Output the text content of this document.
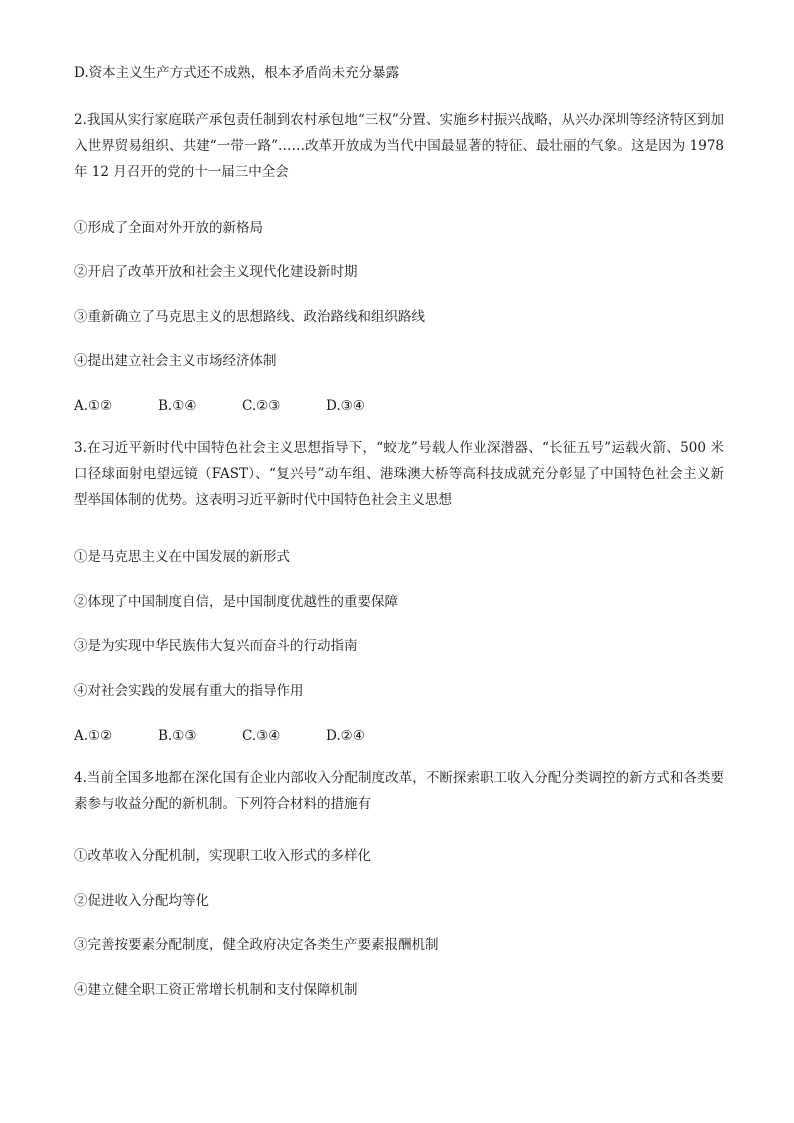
D.资本主义生产方式还不成熟，根本矛盾尚未充分暴露
2.我国从实行家庭联产承包责任制到农村承包地“三权”分置、实施乡村振兴战略，从兴办深圳等经济特区到加入世界贸易组织、共建“一带一路”……改革开放成为当代中国最显著的特征、最壮丽的气象。这是因为 1978 年 12 月召开的党的十一届三中全会
①形成了全面对外开放的新格局
②开启了改革开放和社会主义现代化建设新时期
③重新确立了马克思主义的思想路线、政治路线和组织路线
④提出建立社会主义市场经济体制
A.①②	B.①④	C.②③	D.③④
3.在习近平新时代中国特色社会主义思想指导下，“蛟龙”号载人作业深潜器、“长征五号”运载火箭、500 米口径球面射电望远镜（FAST）、“复兴号”动车组、港珠澳大桥等高科技成就充分彰显了中国特色社会主义新型举国体制的优势。这表明习近平新时代中国特色社会主义思想
①是马克思主义在中国发展的新形式
②体现了中国制度自信，是中国制度优越性的重要保障
③是为实现中华民族伟大复兴而奋斗的行动指南
④对社会实践的发展有重大的指导作用
A.①②	B.①③	C.③④	D.②④
4.当前全国多地都在深化国有企业内部收入分配制度改革，不断探索职工收入分配分类调控的新方式和各类要素参与收益分配的新机制。下列符合材料的措施有
①改革收入分配机制，实现职工收入形式的多样化
②促进收入分配均等化
③完善按要素分配制度，健全政府决定各类生产要素报酬机制
④建立健全职工资正常增长机制和支付保障机制
